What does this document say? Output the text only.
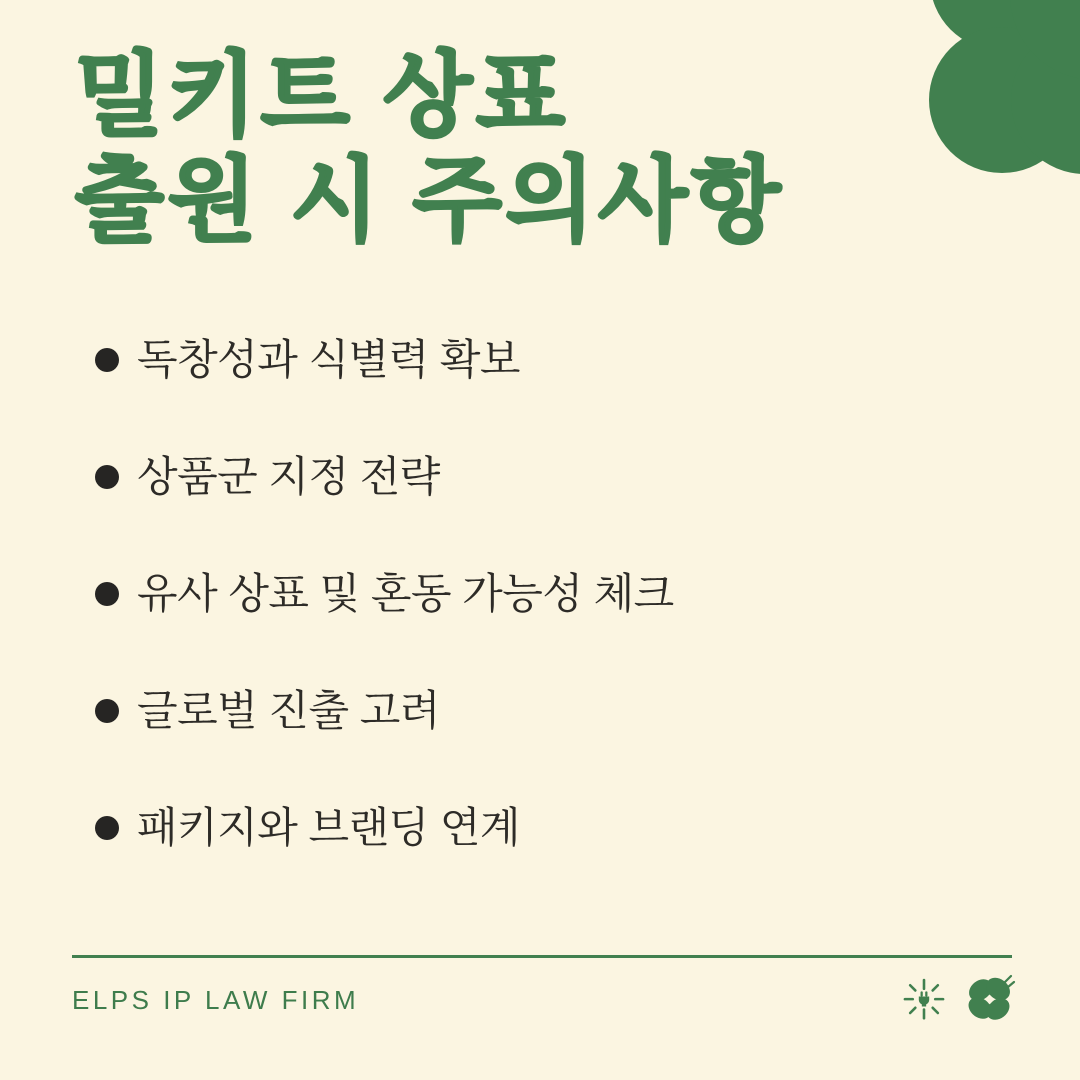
밀키트 상표
출원 시 주의사항
독창성과 식별력 확보
상품군 지정 전략
유사 상표 및 혼동 가능성 체크
글로벌 진출 고려
패키지와 브랜딩 연계
ELPS IP LAW FIRM
